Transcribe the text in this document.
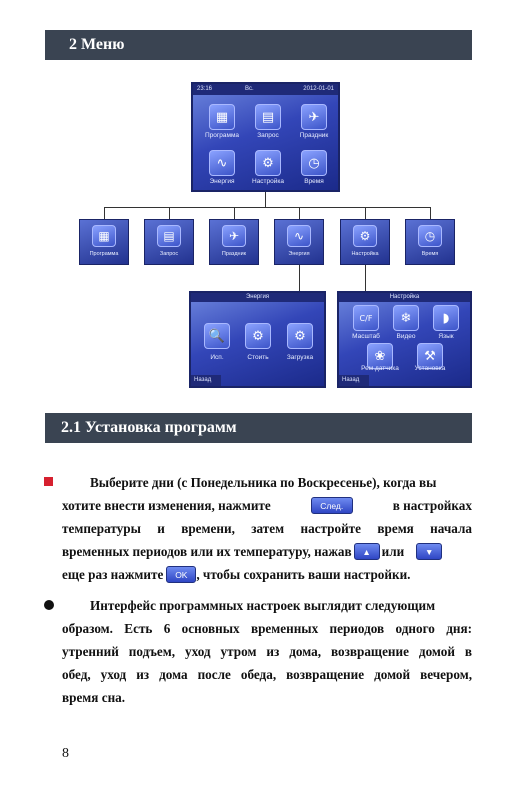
2 Меню
23:16	Вс.	2012-01-01
▦
Программа
▤
Запрос
✈
Праздник
∿
Энергия
⚙
Настройка
◷
Время
▦
Программа
▤
Запрос
✈
Праздник
∿
Энергия
⚙
Настройка
◷
Время
Энергия
🔍
Исп.
⚙
Стоить
⚙
Загрузка
Назад
Настройка
C/F
Масштаб
❄
Видео
◗
Язык
❀
Рем.датчика
⚒
Установка
Назад
2.1 Установка программ
Выберите дни (с Понедельника по Воскресенье), когда вы
хотите внести изменения, нажмите	След.	в настройках
температуры и времени, затем настройте время начала
временных периодов или их температуру, нажав	▲ или	▼
еще раз нажмите	OK , чтобы сохранить ваши настройки.
Интерфейс программных настроек выглядит следующим
образом. Есть 6 основных временных периодов одного дня:
утренний подъем, уход утром из дома, возвращение домой в
обед, уход из дома после обеда, возвращение домой вечером,
время сна.
8
